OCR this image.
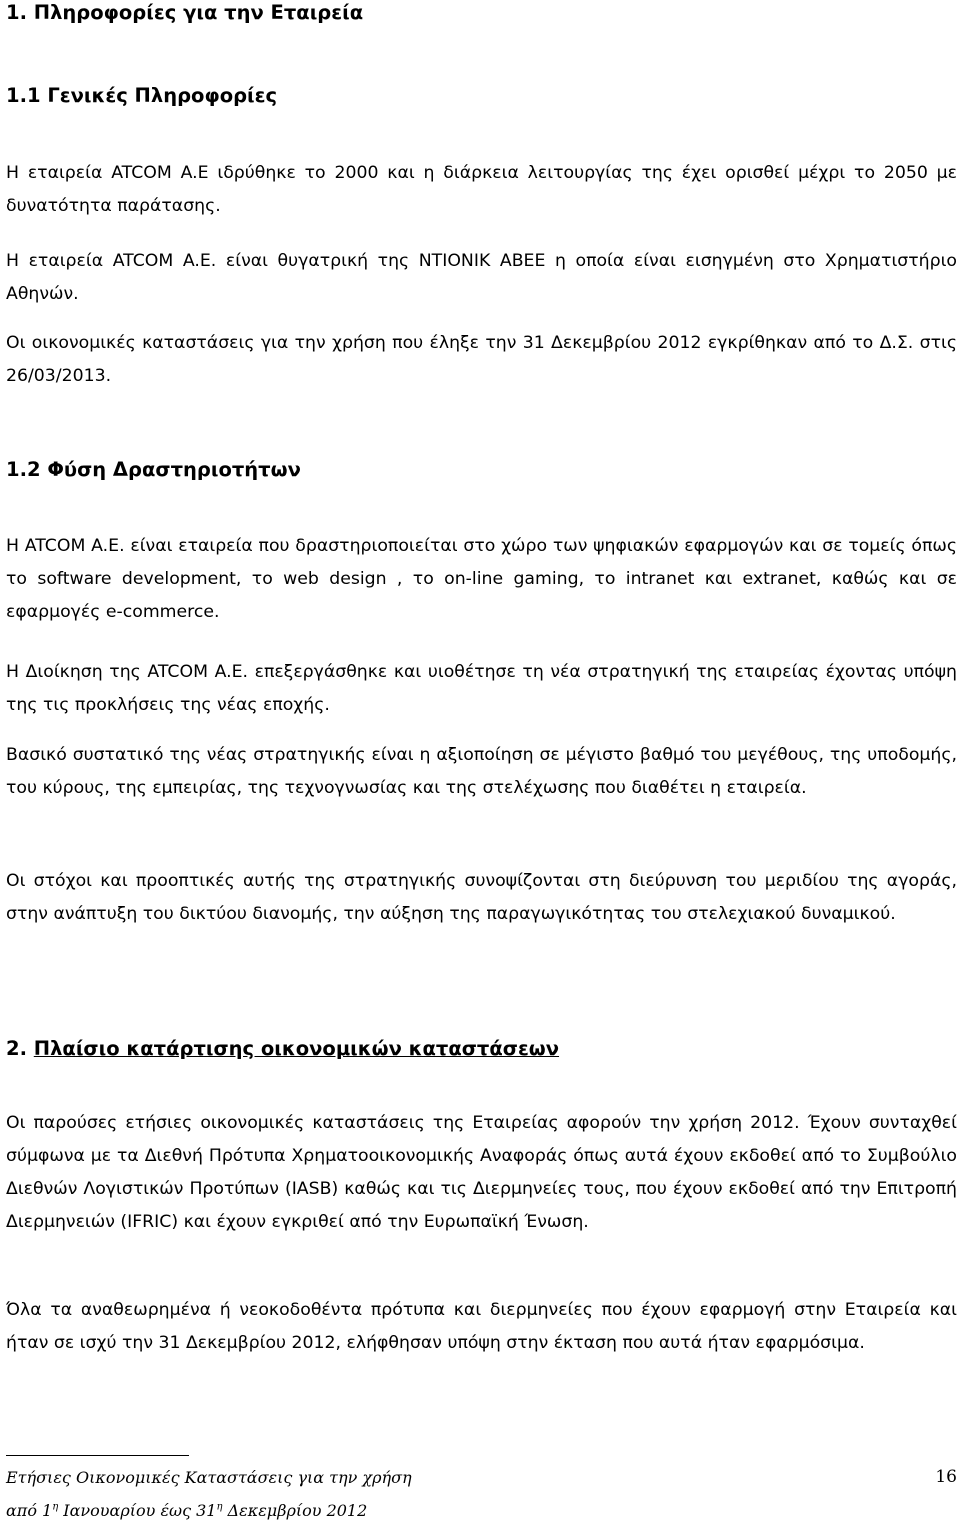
1. Πληροφορίες για την Εταιρεία
1.1 Γενικές Πληροφορίες

Η εταιρεία ATCOM A.E ιδρύθηκε το 2000 και η διάρκεια λειτουργίας της έχει ορισθεί μέχρι το 2050 με δυνατότητα παράτασης.

Η εταιρεία ATCOM A.E. είναι θυγατρική της NTIONIK ABEE η οποία είναι εισηγμένη στο Χρηματιστήριο Αθηνών.

Οι οικονομικές καταστάσεις για την χρήση που έληξε την 31 Δεκεμβρίου 2012 εγκρίθηκαν από το Δ.Σ. στις 26/03/2013.

1.2 Φύση Δραστηριοτήτων

Η ATCOM A.E. είναι εταιρεία που δραστηριοποιείται στο χώρο των ψηφιακών εφαρμογών και σε τομείς όπως το software development, το web design , το on-line gaming, το intranet και extranet, καθώς και σε εφαρμογές e-commerce.

Η Διοίκηση της ATCOM A.E. επεξεργάσθηκε και υιοθέτησε τη νέα στρατηγική της εταιρείας έχοντας υπόψη της τις προκλήσεις της νέας εποχής.

Βασικό συστατικό της νέας στρατηγικής είναι η αξιοποίηση σε μέγιστο βαθμό του μεγέθους, της υποδομής, του κύρους, της εμπειρίας, της τεχνογνωσίας και της στελέχωσης που διαθέτει η εταιρεία.

Οι στόχοι και προοπτικές αυτής της στρατηγικής συνοψίζονται στη διεύρυνση του μεριδίου της αγοράς, στην ανάπτυξη του δικτύου διανομής, την αύξηση της παραγωγικότητας του στελεχιακού δυναμικού.

2. Πλαίσιο κατάρτισης οικονομικών καταστάσεων

Οι παρούσες ετήσιες οικονομικές καταστάσεις της Εταιρείας αφορούν την χρήση 2012. Έχουν συνταχθεί σύμφωνα με τα Διεθνή Πρότυπα Χρηματοοικονομικής Αναφοράς όπως αυτά έχουν εκδοθεί από το Συμβούλιο Διεθνών Λογιστικών Προτύπων (IASB) καθώς και τις Διερμηνείες τους, που έχουν εκδοθεί από την Επιτροπή Διερμηνειών (IFRIC) και έχουν εγκριθεί από την Ευρωπαϊκή Ένωση.

Όλα τα αναθεωρημένα ή νεοκοδοθέντα πρότυπα και διερμηνείες που έχουν εφαρμογή στην Εταιρεία και ήταν σε ισχύ την 31 Δεκεμβρίου 2012, ελήφθησαν υπόψη στην έκταση που αυτά ήταν εφαρμόσιμα.

Ετήσιες Οικονομικές Καταστάσεις για την χρήση
από $1^\eta$ Ιανουαρίου έως $31^\eta$ Δεκεμβρίου 2012
16
